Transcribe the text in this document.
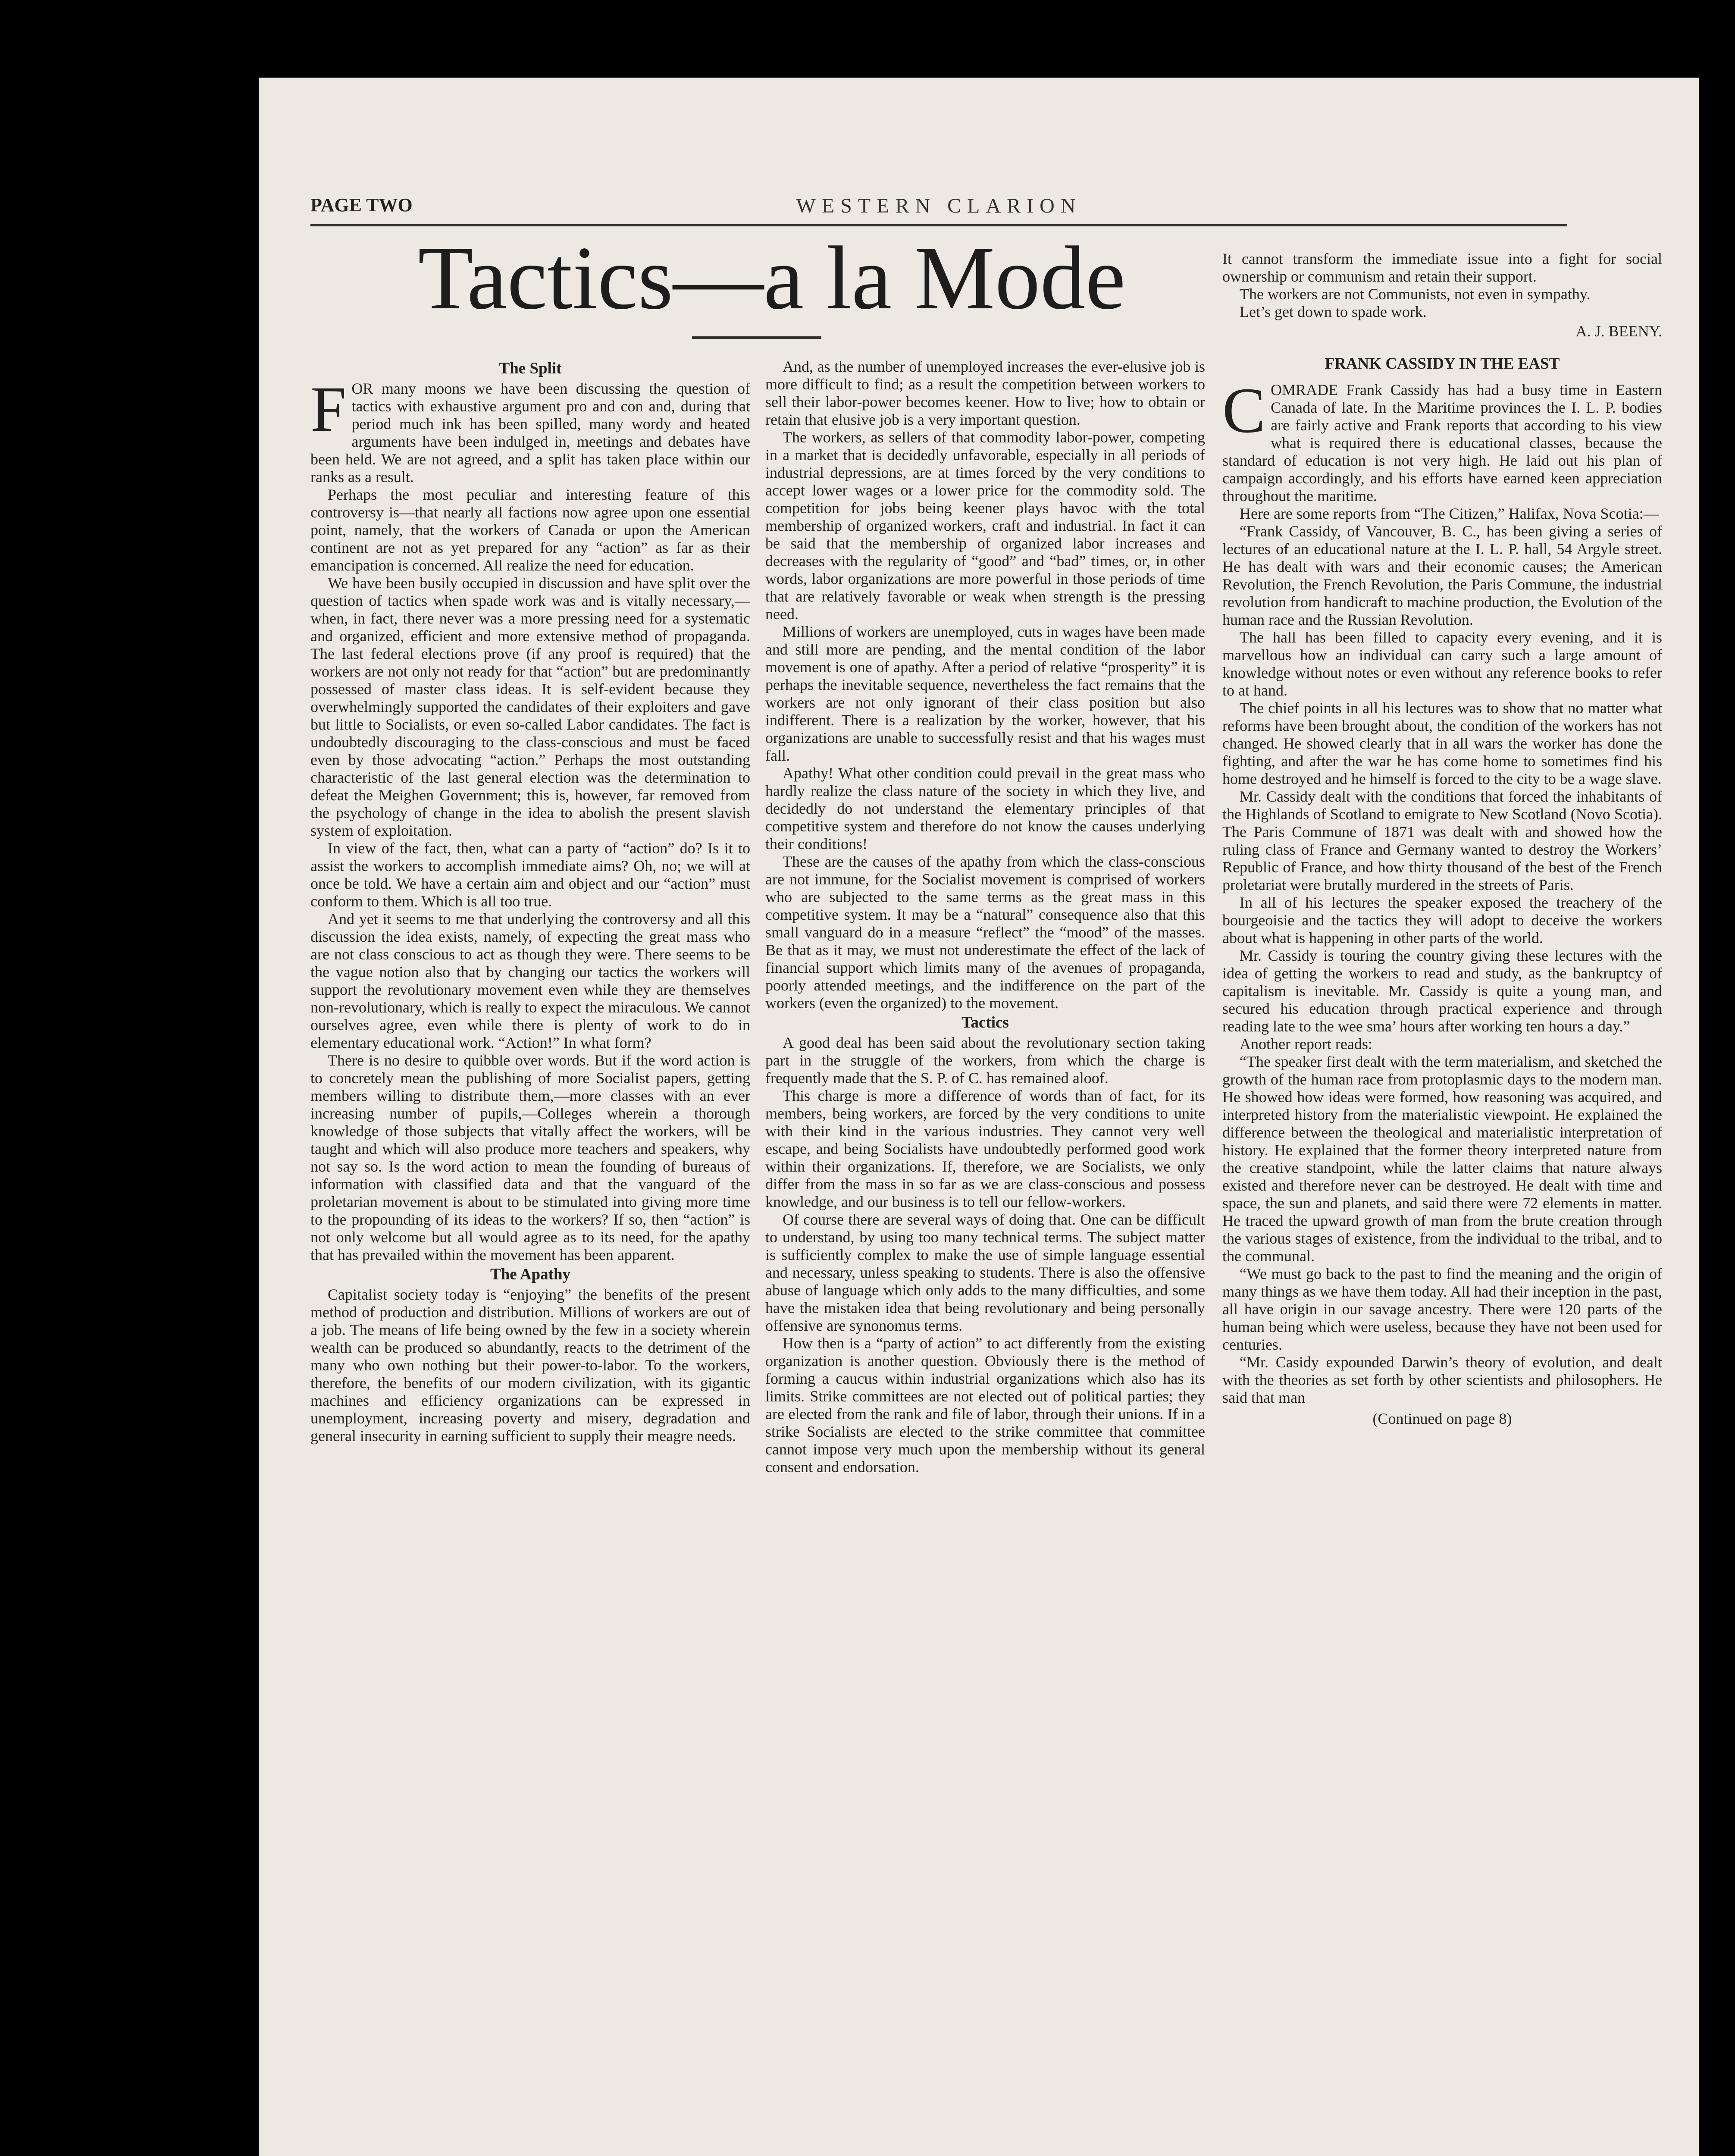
PAGE TWO	WESTERN CLARION
Tactics—a la Mode

The Split

FOR many moons we have been discussing the question of tactics with exhaustive argument pro and con and, during that period much ink has been spilled, many wordy and heated arguments have been indulged in, meetings and debates have been held. We are not agreed, and a split has taken place within our ranks as a result.

Perhaps the most peculiar and interesting feature of this controversy is—that nearly all factions now agree upon one essential point, namely, that the workers of Canada or upon the American continent are not as yet prepared for any “action” as far as their emancipation is concerned. All realize the need for education.

We have been busily occupied in discussion and have split over the question of tactics when spade work was and is vitally necessary,—when, in fact, there never was a more pressing need for a systematic and organized, efficient and more extensive method of propaganda. The last federal elections prove (if any proof is required) that the workers are not only not ready for that “action” but are predominantly possessed of master class ideas. It is self-evident because they overwhelmingly supported the candidates of their exploiters and gave but little to Socialists, or even so-called Labor candidates. The fact is undoubtedly discouraging to the class-conscious and must be faced even by those advocating “action.” Perhaps the most outstanding characteristic of the last general election was the determination to defeat the Meighen Government; this is, however, far removed from the psychology of change in the idea to abolish the present slavish system of exploitation.

In view of the fact, then, what can a party of “action” do? Is it to assist the workers to accomplish immediate aims? Oh, no; we will at once be told. We have a certain aim and object and our “action” must conform to them. Which is all too true.

And yet it seems to me that underlying the controversy and all this discussion the idea exists, namely, of expecting the great mass who are not class conscious to act as though they were. There seems to be the vague notion also that by changing our tactics the workers will support the revolutionary movement even while they are themselves non-revolutionary, which is really to expect the miraculous. We cannot ourselves agree, even while there is plenty of work to do in elementary educational work. “Action!” In what form?

There is no desire to quibble over words. But if the word action is to concretely mean the publishing of more Socialist papers, getting members willing to distribute them,—more classes with an ever increasing number of pupils,—Colleges wherein a thorough knowledge of those subjects that vitally affect the workers, will be taught and which will also produce more teachers and speakers, why not say so. Is the word action to mean the founding of bureaus of information with classified data and that the vanguard of the proletarian movement is about to be stimulated into giving more time to the propounding of its ideas to the workers? If so, then “action” is not only welcome but all would agree as to its need, for the apathy that has prevailed within the movement has been apparent.

The Apathy

Capitalist society today is “enjoying” the benefits of the present method of production and distribution. Millions of workers are out of a job. The means of life being owned by the few in a society wherein wealth can be produced so abundantly, reacts to the detriment of the many who own nothing but their power-to-labor. To the workers, therefore, the benefits of our modern civilization, with its gigantic machines and efficiency organizations can be expressed in unemployment, increasing poverty and misery, degradation and general insecurity in earning sufficient to supply their meagre needs.

And, as the number of unemployed increases the ever-elusive job is more difficult to find; as a result the competition between workers to sell their labor-power becomes keener. How to live; how to obtain or retain that elusive job is a very important question.

The workers, as sellers of that commodity labor-power, competing in a market that is decidedly unfavorable, especially in all periods of industrial depressions, are at times forced by the very conditions to accept lower wages or a lower price for the commodity sold. The competition for jobs being keener plays havoc with the total membership of organized workers, craft and industrial. In fact it can be said that the membership of organized labor increases and decreases with the regularity of “good” and “bad” times, or, in other words, labor organizations are more powerful in those periods of time that are relatively favorable or weak when strength is the pressing need.

Millions of workers are unemployed, cuts in wages have been made and still more are pending, and the mental condition of the labor movement is one of apathy. After a period of relative “prosperity” it is perhaps the inevitable sequence, nevertheless the fact remains that the workers are not only ignorant of their class position but also indifferent. There is a realization by the worker, however, that his organizations are unable to successfully resist and that his wages must fall.

Apathy! What other condition could prevail in the great mass who hardly realize the class nature of the society in which they live, and decidedly do not understand the elementary principles of that competitive system and therefore do not know the causes underlying their conditions!

These are the causes of the apathy from which the class-conscious are not immune, for the Socialist movement is comprised of workers who are subjected to the same terms as the great mass in this competitive system. It may be a “natural” consequence also that this small vanguard do in a measure “reflect” the “mood” of the masses. Be that as it may, we must not underestimate the effect of the lack of financial support which limits many of the avenues of propaganda, poorly attended meetings, and the indifference on the part of the workers (even the organized) to the movement.

Tactics

A good deal has been said about the revolutionary section taking part in the struggle of the workers, from which the charge is frequently made that the S. P. of C. has remained aloof.

This charge is more a difference of words than of fact, for its members, being workers, are forced by the very conditions to unite with their kind in the various industries. They cannot very well escape, and being Socialists have undoubtedly performed good work within their organizations. If, therefore, we are Socialists, we only differ from the mass in so far as we are class-conscious and possess knowledge, and our business is to tell our fellow-workers.

Of course there are several ways of doing that. One can be difficult to understand, by using too many technical terms. The subject matter is sufficiently complex to make the use of simple language essential and necessary, unless speaking to students. There is also the offensive abuse of language which only adds to the many difficulties, and some have the mistaken idea that being revolutionary and being personally offensive are synonomus terms.

How then is a “party of action” to act differently from the existing organization is another question. Obviously there is the method of forming a caucus within industrial organizations which also has its limits. Strike committees are not elected out of political parties; they are elected from the rank and file of labor, through their unions. If in a strike Socialists are elected to the strike committee that committee cannot impose very much upon the membership without its general consent and endorsation.

It cannot transform the immediate issue into a fight for social ownership or communism and retain their support.

The workers are not Communists, not even in sympathy.

Let’s get down to spade work.

A. J. BEENY.

FRANK CASSIDY IN THE EAST

COMRADE Frank Cassidy has had a busy time in Eastern Canada of late. In the Maritime provinces the I. L. P. bodies are fairly active and Frank reports that according to his view what is required there is educational classes, because the standard of education is not very high. He laid out his plan of campaign accordingly, and his efforts have earned keen appreciation throughout the maritime.

Here are some reports from “The Citizen,” Halifax, Nova Scotia:—

“Frank Cassidy, of Vancouver, B. C., has been giving a series of lectures of an educational nature at the I. L. P. hall, 54 Argyle street. He has dealt with wars and their economic causes; the American Revolution, the French Revolution, the Paris Commune, the industrial revolution from handicraft to machine production, the Evolution of the human race and the Russian Revolution.

The hall has been filled to capacity every evening, and it is marvellous how an individual can carry such a large amount of knowledge without notes or even without any reference books to refer to at hand.

The chief points in all his lectures was to show that no matter what reforms have been brought about, the condition of the workers has not changed. He showed clearly that in all wars the worker has done the fighting, and after the war he has come home to sometimes find his home destroyed and he himself is forced to the city to be a wage slave.

Mr. Cassidy dealt with the conditions that forced the inhabitants of the Highlands of Scotland to emigrate to New Scotland (Novo Scotia). The Paris Commune of 1871 was dealt with and showed how the ruling class of France and Germany wanted to destroy the Workers’ Republic of France, and how thirty thousand of the best of the French proletariat were brutally murdered in the streets of Paris.

In all of his lectures the speaker exposed the treachery of the bourgeoisie and the tactics they will adopt to deceive the workers about what is happening in other parts of the world.

Mr. Cassidy is touring the country giving these lectures with the idea of getting the workers to read and study, as the bankruptcy of capitalism is inevitable. Mr. Cassidy is quite a young man, and secured his education through practical experience and through reading late to the wee sma’ hours after working ten hours a day.”

Another report reads:

“The speaker first dealt with the term materialism, and sketched the growth of the human race from protoplasmic days to the modern man. He showed how ideas were formed, how reasoning was acquired, and interpreted history from the materialistic viewpoint. He explained the difference between the theological and materialistic interpretation of history. He explained that the former theory interpreted nature from the creative standpoint, while the latter claims that nature always existed and therefore never can be destroyed. He dealt with time and space, the sun and planets, and said there were 72 elements in matter. He traced the upward growth of man from the brute creation through the various stages of existence, from the individual to the tribal, and to the communal.

“We must go back to the past to find the meaning and the origin of many things as we have them today. All had their inception in the past, all have origin in our savage ancestry. There were 120 parts of the human being which were useless, because they have not been used for centuries.

“Mr. Casidy expounded Darwin’s theory of evolution, and dealt with the theories as set forth by other scientists and philosophers. He said that man

(Continued on page 8)
